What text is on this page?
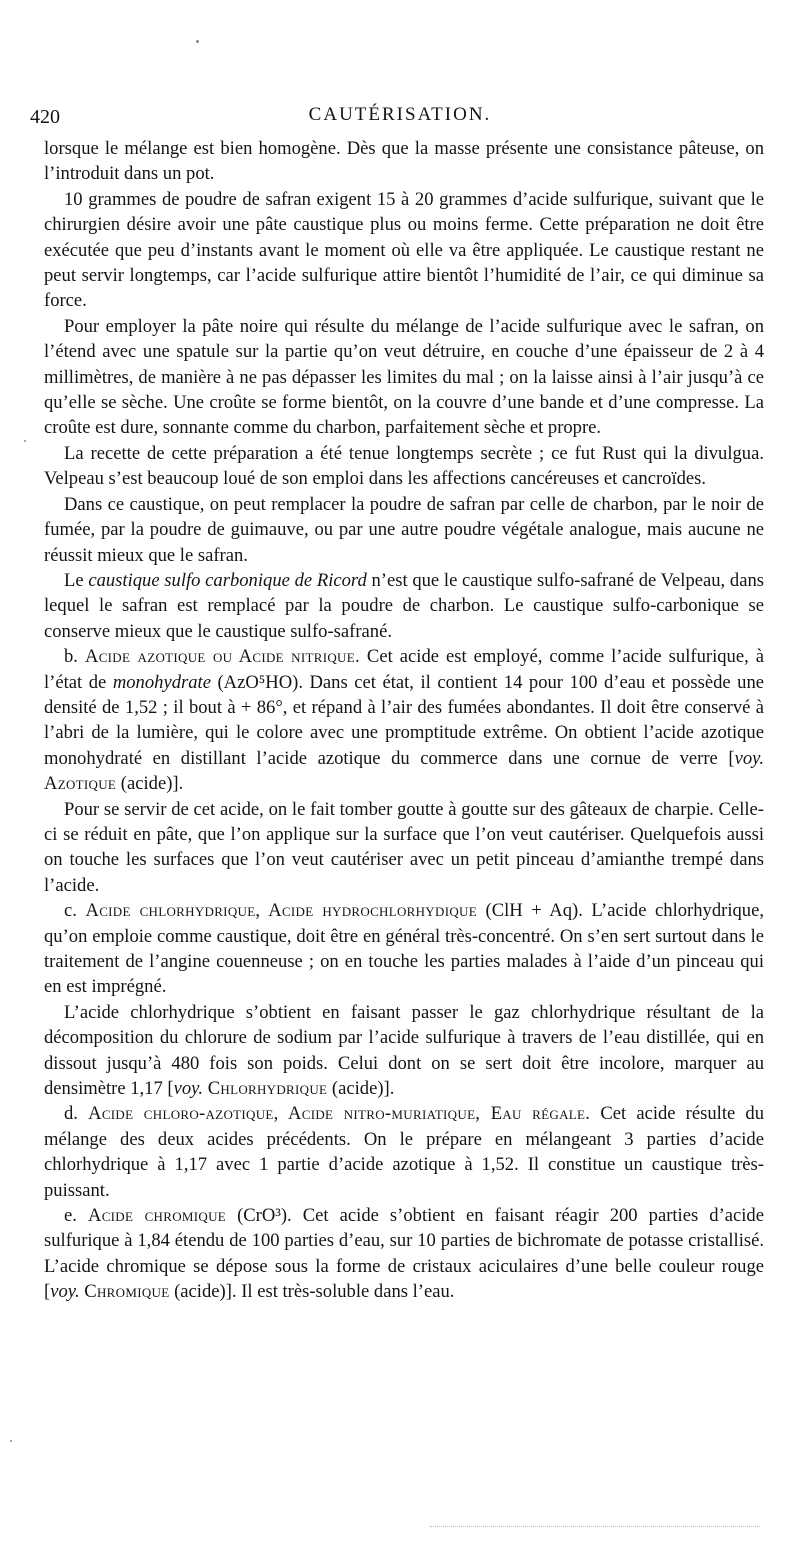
420	CAUTÉRISATION.

lorsque le mélange est bien homogène. Dès que la masse présente une consistance pâteuse, on l’introduit dans un pot.

10 grammes de poudre de safran exigent 15 à 20 grammes d’acide sulfurique, suivant que le chirurgien désire avoir une pâte caustique plus ou moins ferme. Cette préparation ne doit être exécutée que peu d’instants avant le moment où elle va être appliquée. Le caustique restant ne peut servir longtemps, car l’acide sulfurique attire bientôt l’humidité de l’air, ce qui diminue sa force.

Pour employer la pâte noire qui résulte du mélange de l’acide sulfurique avec le safran, on l’étend avec une spatule sur la partie qu’on veut détruire, en couche d’une épaisseur de 2 à 4 millimètres, de manière à ne pas dépasser les limites du mal ; on la laisse ainsi à l’air jusqu’à ce qu’elle se sèche. Une croûte se forme bientôt, on la couvre d’une bande et d’une compresse. La croûte est dure, sonnante comme du charbon, parfaitement sèche et propre.

La recette de cette préparation a été tenue longtemps secrète ; ce fut Rust qui la divulgua. Velpeau s’est beaucoup loué de son emploi dans les affections cancéreuses et cancroïdes.

Dans ce caustique, on peut remplacer la poudre de safran par celle de charbon, par le noir de fumée, par la poudre de guimauve, ou par une autre poudre végétale analogue, mais aucune ne réussit mieux que le safran.

Le caustique sulfo carbonique de Ricord n’est que le caustique sulfo-safrané de Velpeau, dans lequel le safran est remplacé par la poudre de charbon. Le caustique sulfo-carbonique se conserve mieux que le caustique sulfo-safrané.

b. Acide azotique ou Acide nitrique. Cet acide est employé, comme l’acide sulfurique, à l’état de monohydrate (AzO⁵HO). Dans cet état, il contient 14 pour 100 d’eau et possède une densité de 1,52 ; il bout à + 86°, et répand à l’air des fumées abondantes. Il doit être conservé à l’abri de la lumière, qui le colore avec une promptitude extrême. On obtient l’acide azotique monohydraté en distillant l’acide azotique du commerce dans une cornue de verre [voy. Azotique (acide)].

Pour se servir de cet acide, on le fait tomber goutte à goutte sur des gâteaux de charpie. Celle-ci se réduit en pâte, que l’on applique sur la surface que l’on veut cautériser. Quelquefois aussi on touche les surfaces que l’on veut cautériser avec un petit pinceau d’amianthe trempé dans l’acide.

c. Acide chlorhydrique, Acide hydrochlorhydique (ClH + Aq). L’acide chlorhydrique, qu’on emploie comme caustique, doit être en général très-concentré. On s’en sert surtout dans le traitement de l’angine couenneuse ; on en touche les parties malades à l’aide d’un pinceau qui en est imprégné.

L’acide chlorhydrique s’obtient en faisant passer le gaz chlorhydrique résultant de la décomposition du chlorure de sodium par l’acide sulfurique à travers de l’eau distillée, qui en dissout jusqu’à 480 fois son poids. Celui dont on se sert doit être incolore, marquer au densimètre 1,17 [voy. Chlorhydrique (acide)].

d. Acide chloro-azotique, Acide nitro-muriatique, Eau régale. Cet acide résulte du mélange des deux acides précédents. On le prépare en mélangeant 3 parties d’acide chlorhydrique à 1,17 avec 1 partie d’acide azotique à 1,52. Il constitue un caustique très-puissant.

e. Acide chromique (CrO³). Cet acide s’obtient en faisant réagir 200 parties d’acide sulfurique à 1,84 étendu de 100 parties d’eau, sur 10 parties de bichromate de potasse cristallisé. L’acide chromique se dépose sous la forme de cristaux aciculaires d’une belle couleur rouge [voy. Chromique (acide)]. Il est très-soluble dans l’eau.
